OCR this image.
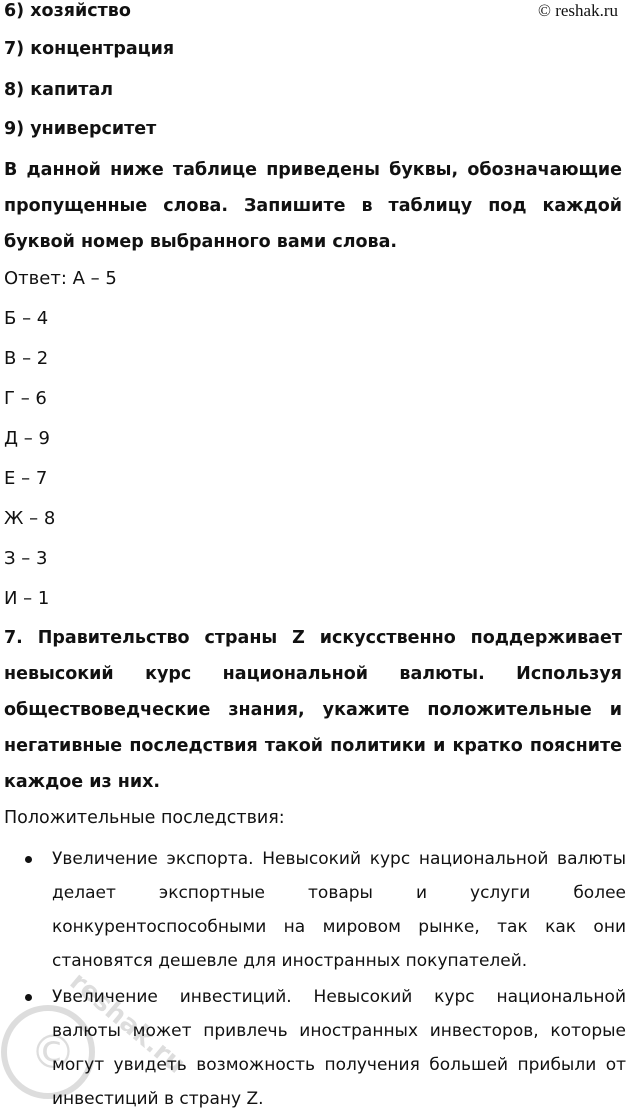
© reshak.ru
6) хозяйство
7) концентрация
8) капитал
9) университет
В данной ниже таблице приведены буквы, обозначающие пропущенные слова. Запишите в таблицу под каждой буквой номер выбранного вами слова.
Ответ: А – 5
Б – 4
В – 2
Г – 6
Д – 9
Е – 7
Ж – 8
З – 3
И – 1
7. Правительство страны Z искусственно поддерживает невысокий курс национальной валюты. Используя обществоведческие знания, укажите положительные и негативные последствия такой политики и кратко поясните каждое из них.
Положительные последствия:
Увеличение экспорта. Невысокий курс национальной валюты делает экспортные товары и услуги более конкурентоспособными на мировом рынке, так как они становятся дешевле для иностранных покупателей.
Увеличение инвестиций. Невысокий курс национальной валюты может привлечь иностранных инвесторов, которые могут увидеть возможность получения большей прибыли от инвестиций в страну Z.
©
reshak.ru
